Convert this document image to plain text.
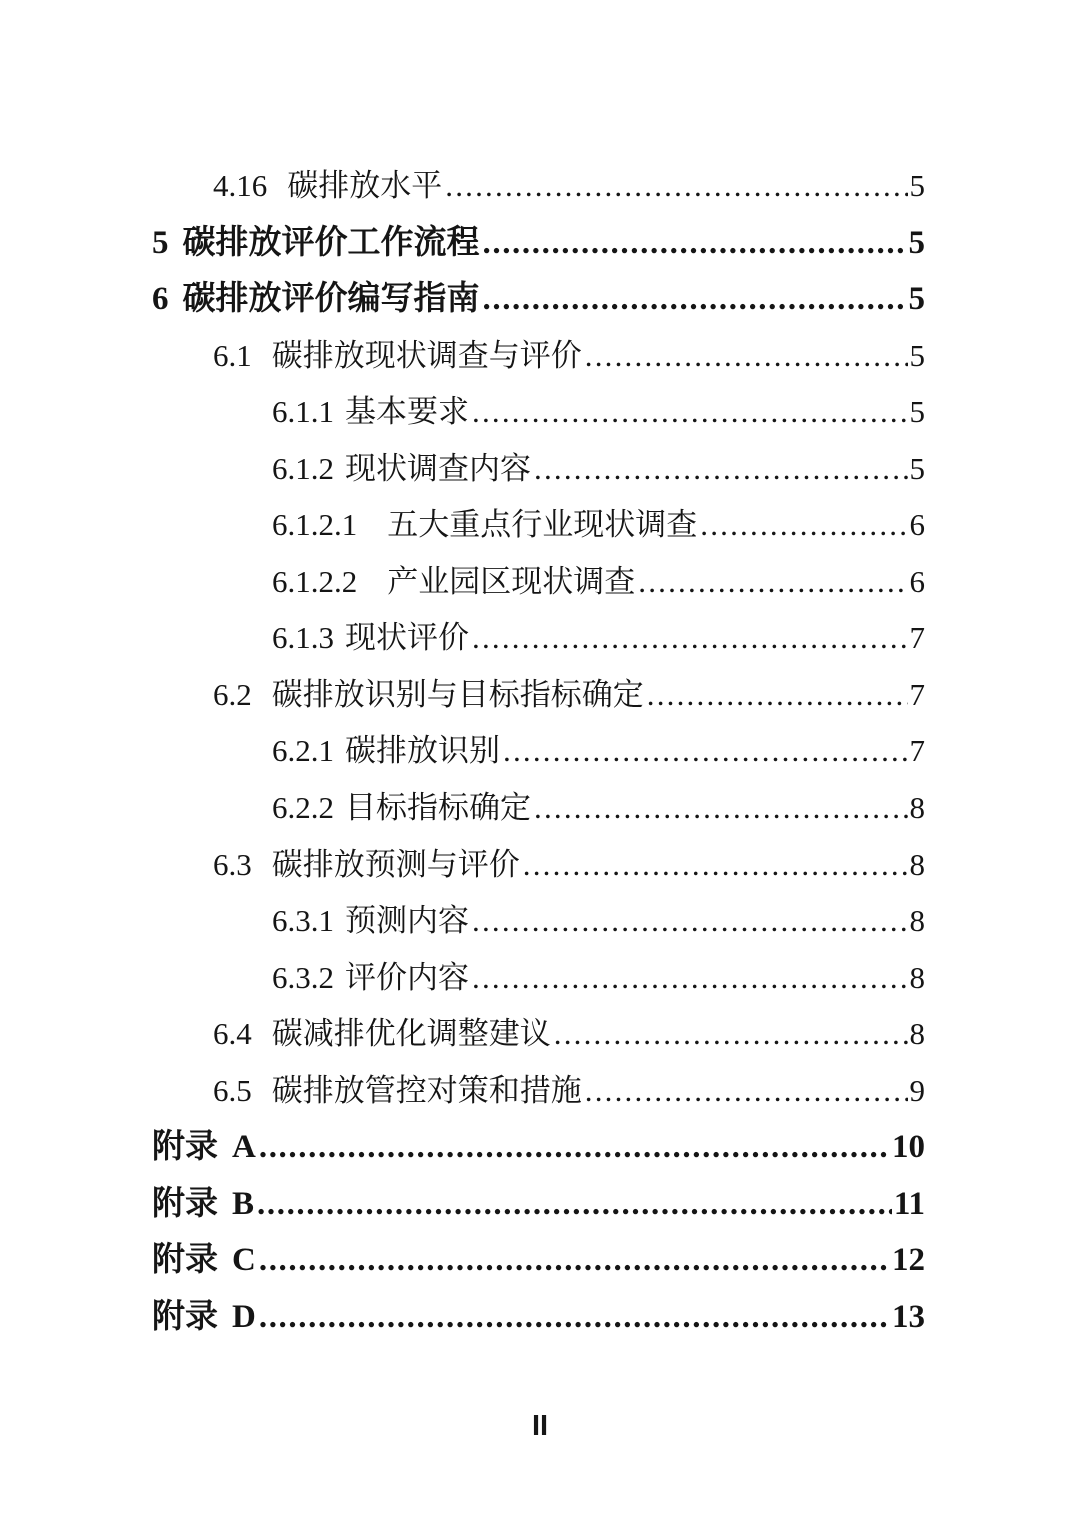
4.16 碳排放水平 .....	5
5 碳排放评价工作流程 .....	5
6 碳排放评价编写指南 .....	5
6.1 碳排放现状调查与评价 .....	5
6.1.1 基本要求 .....	5
6.1.2 现状调查内容 .....	5
6.1.2.1 五大重点行业现状调查 .....	6
6.1.2.2 产业园区现状调查 .....	6
6.1.3 现状评价 .....	7
6.2 碳排放识别与目标指标确定 .....	7
6.2.1 碳排放识别 .....	7
6.2.2 目标指标确定 .....	8
6.3 碳排放预测与评价 .....	8
6.3.1 预测内容 .....	8
6.3.2 评价内容 .....	8
6.4 碳减排优化调整建议 .....	8
6.5 碳排放管控对策和措施 .....	9
附录 A .....	10
附录 B .....	11
附录 C .....	12
附录 D .....	13
II
